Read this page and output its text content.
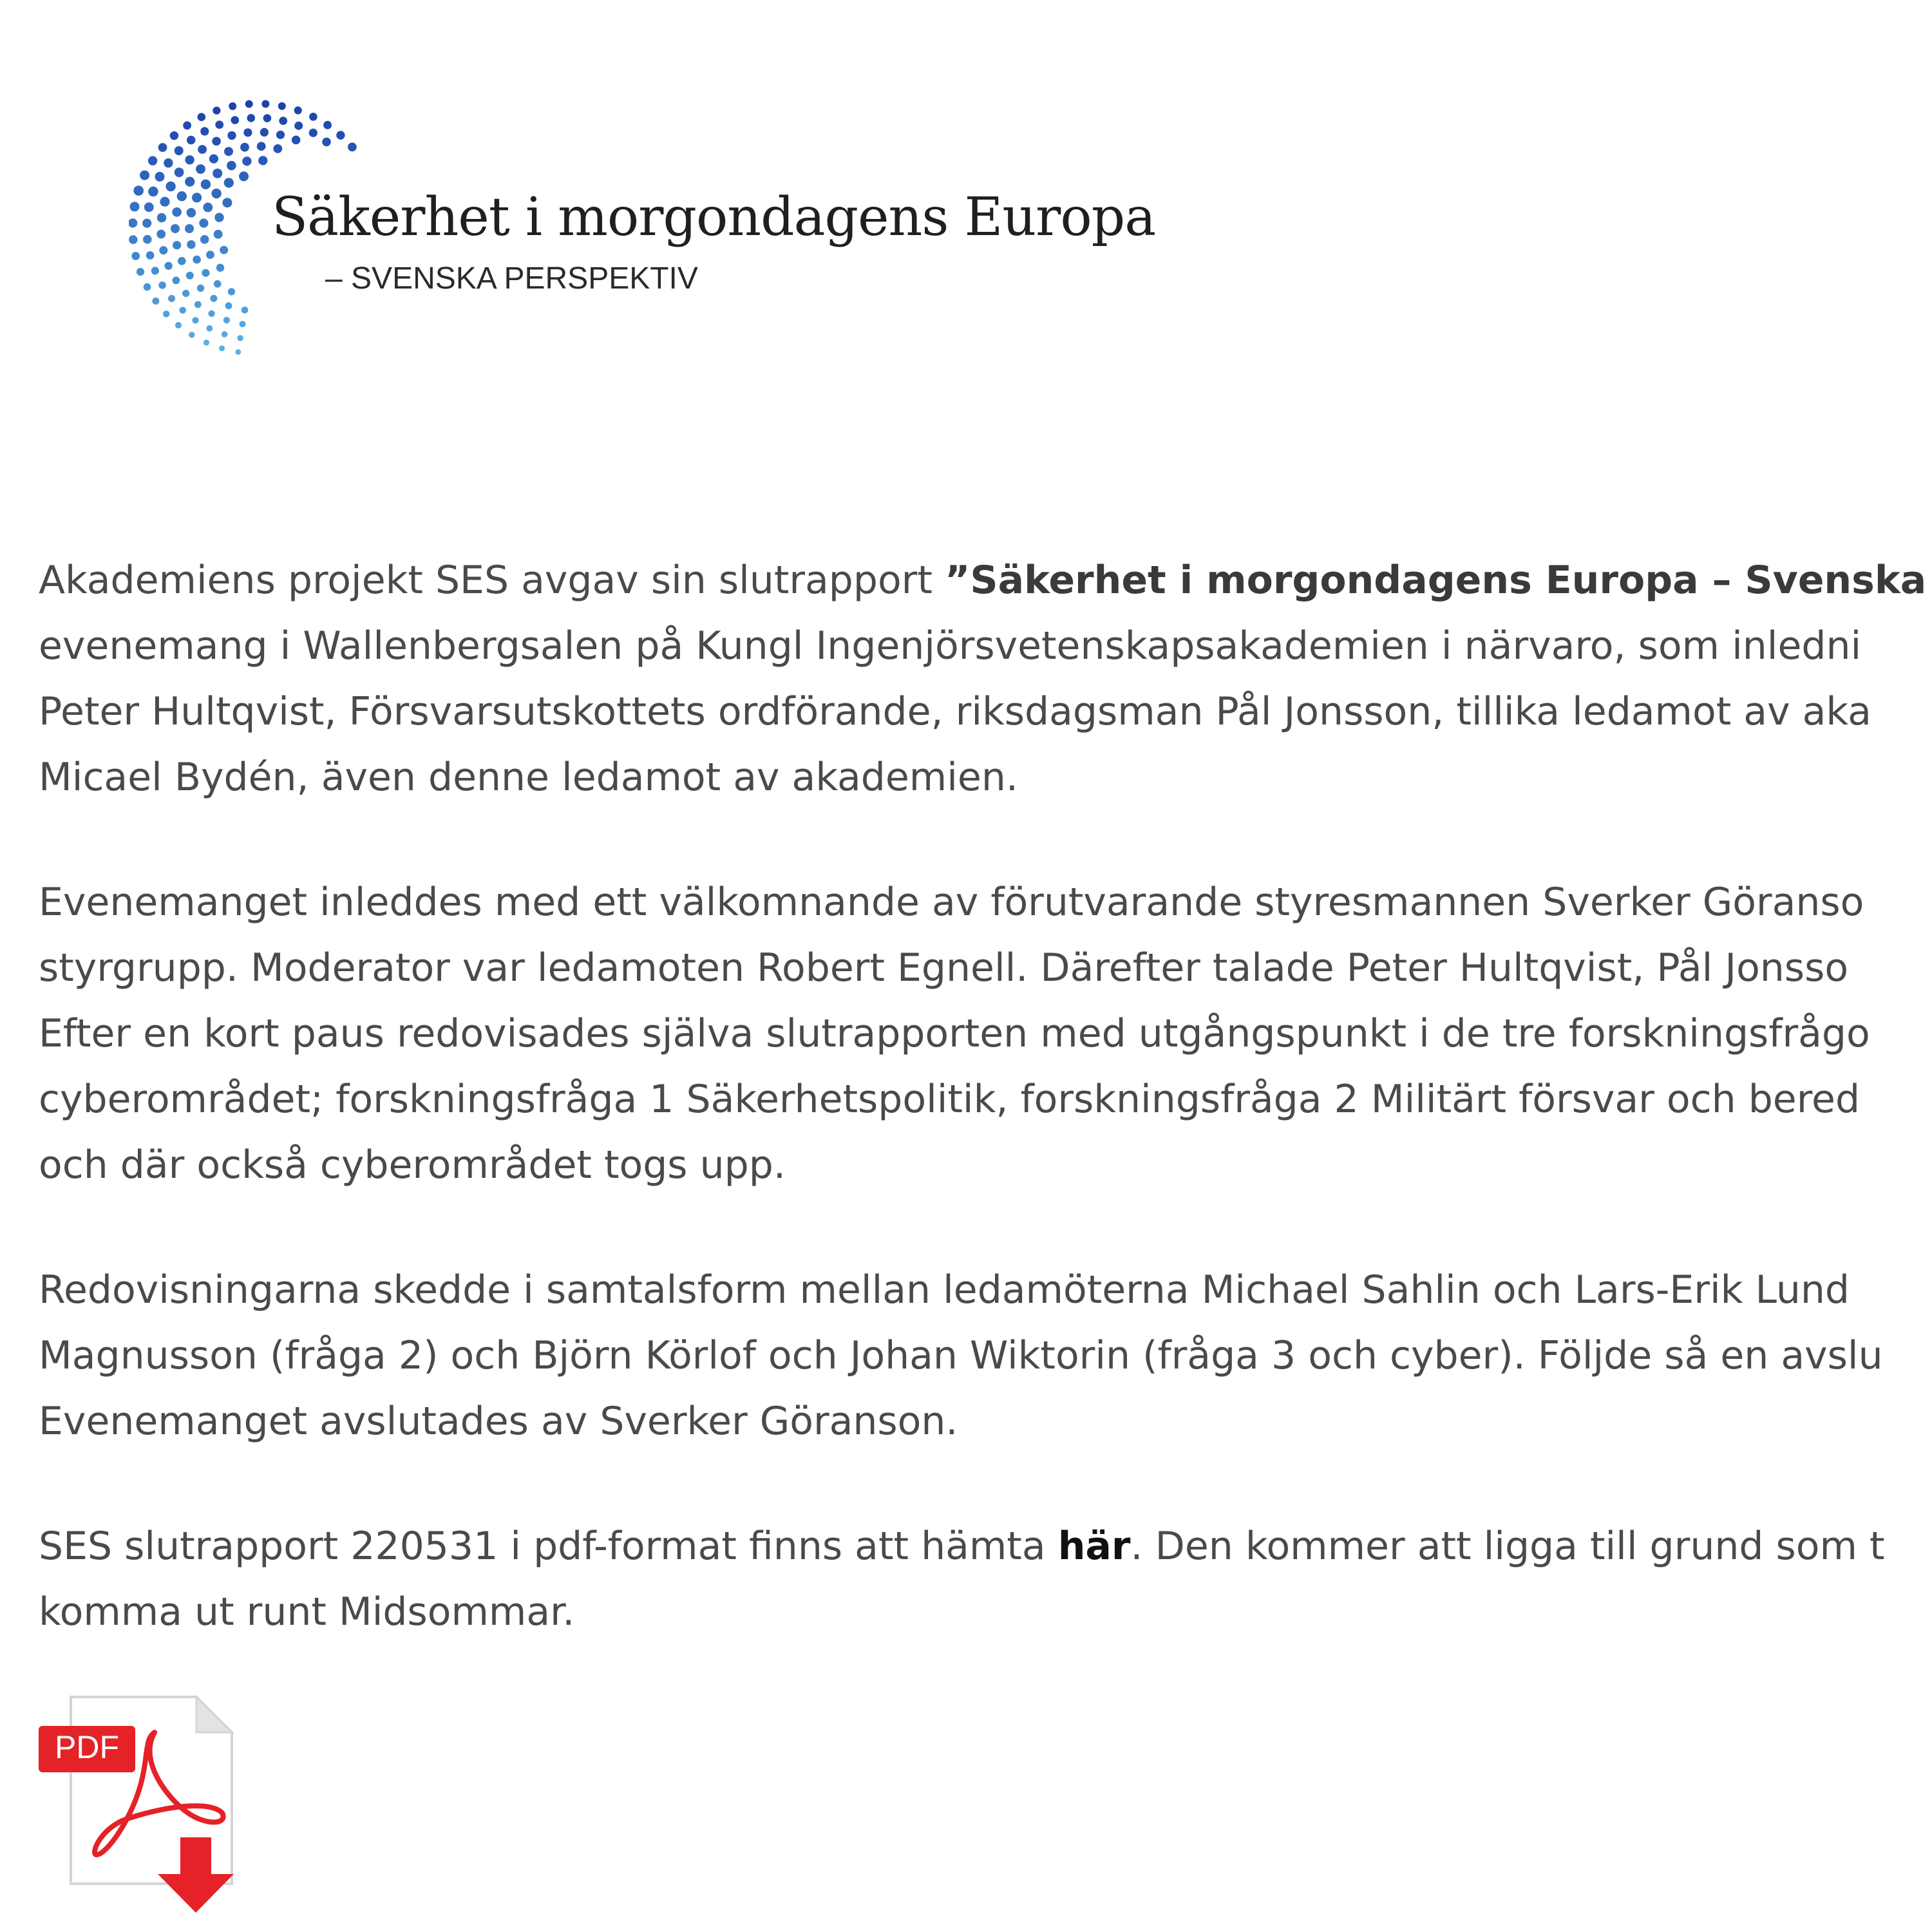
Säkerhet i morgondagens Europa
– SVENSKA PERSPEKTIV

Akademiens projekt SES avgav sin slutrapport ”Säkerhet i morgondagens Europa – Svenska
evenemang i Wallenbergsalen på Kungl Ingenjörsvetenskapsakademien i närvaro, som inledni
Peter Hultqvist, Försvarsutskottets ordförande, riksdagsman Pål Jonsson, tillika ledamot av aka
Micael Bydén, även denne ledamot av akademien.

Evenemanget inleddes med ett välkomnande av förutvarande styresmannen Sverker Göranso
styrgrupp. Moderator var ledamoten Robert Egnell. Därefter talade Peter Hultqvist, Pål Jonsso
Efter en kort paus redovisades själva slutrapporten med utgångspunkt i de tre forskningsfrågo
cyberområdet; forskningsfråga 1 Säkerhetspolitik, forskningsfråga 2 Militärt försvar och bered
och där också cyberområdet togs upp.

Redovisningarna skedde i samtalsform mellan ledamöterna Michael Sahlin och Lars-Erik Lund
Magnusson (fråga 2) och Björn Körlof och Johan Wiktorin (fråga 3 och cyber). Följde så en avslu
Evenemanget avslutades av Sverker Göranson.

SES slutrapport 220531 i pdf-format finns att hämta här. Den kommer att ligga till grund som t
komma ut runt Midsommar.

PDF
